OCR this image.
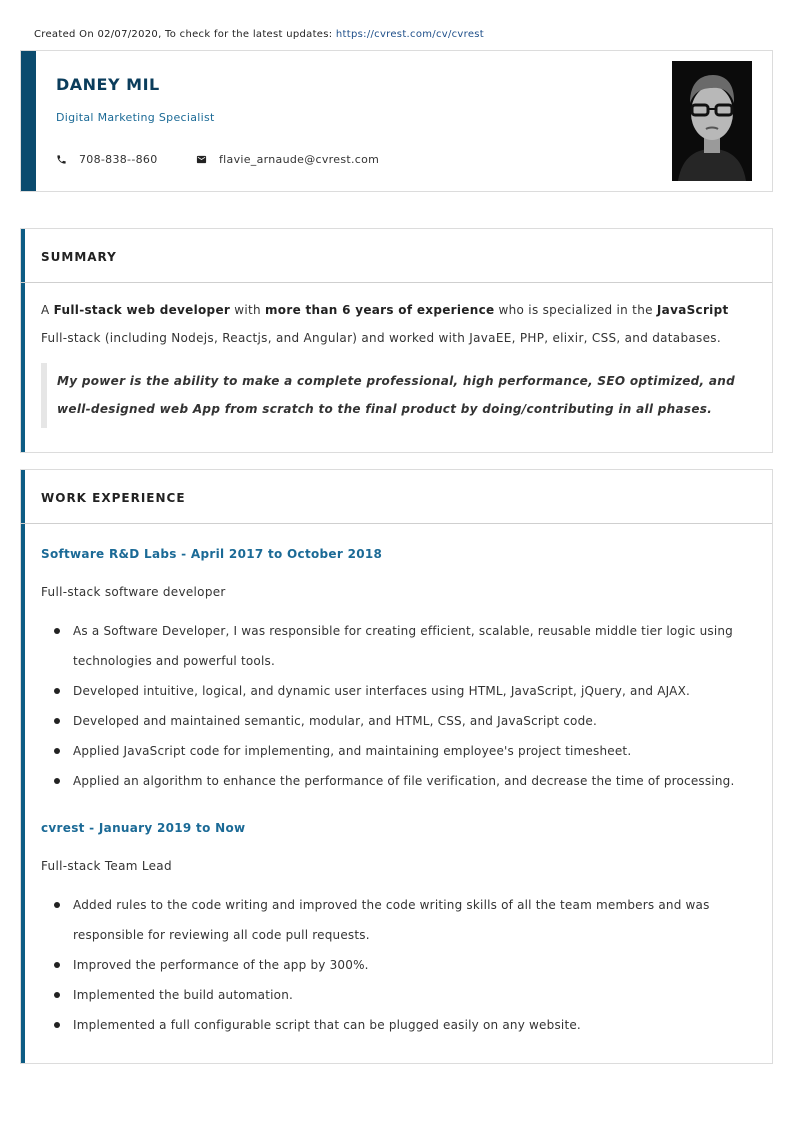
Created On 02/07/2020, To check for the latest updates: https://cvrest.com/cv/cvrest
DANEY MIL
Digital Marketing Specialist
708-838--860	flavie_arnaude@cvrest.com
SUMMARY
A Full-stack web developer with more than 6 years of experience who is specialized in the JavaScript Full-stack (including Nodejs, Reactjs, and Angular) and worked with JavaEE, PHP, elixir, CSS, and databases.
My power is the ability to make a complete professional, high performance, SEO optimized, and well-designed web App from scratch to the final product by doing/contributing in all phases.
WORK EXPERIENCE
Software R&D Labs - April 2017 to October 2018
Full-stack software developer
As a Software Developer, I was responsible for creating efficient, scalable, reusable middle tier logic using technologies and powerful tools.
Developed intuitive, logical, and dynamic user interfaces using HTML, JavaScript, jQuery, and AJAX.
Developed and maintained semantic, modular, and HTML, CSS, and JavaScript code.
Applied JavaScript code for implementing, and maintaining employee's project timesheet.
Applied an algorithm to enhance the performance of file verification, and decrease the time of processing.
cvrest - January 2019 to Now
Full-stack Team Lead
Added rules to the code writing and improved the code writing skills of all the team members and was responsible for reviewing all code pull requests.
Improved the performance of the app by 300%.
Implemented the build automation.
Implemented a full configurable script that can be plugged easily on any website.
